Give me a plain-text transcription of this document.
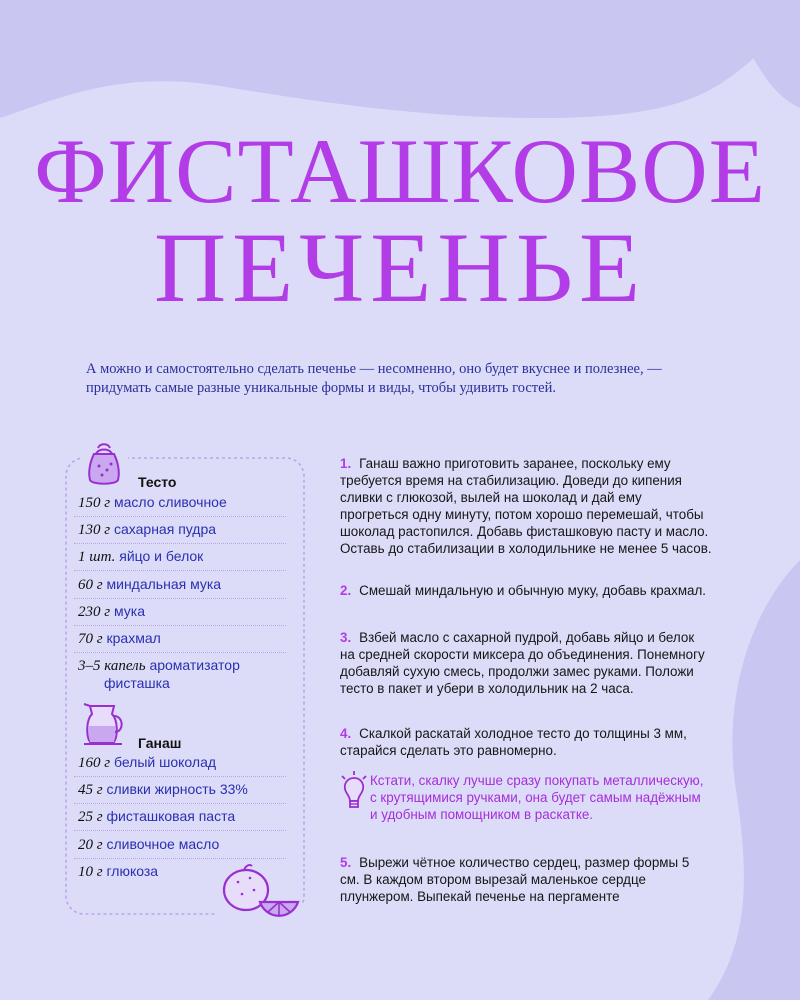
ФИСТАШКОВОЕ
ПЕЧЕНЬЕ
А можно и самостоятельно сделать печенье — несомненно, оно будет вкуснее и полезнее, — придумать самые разные уникальные формы и виды, чтобы удивить гостей.
Тесто
150 г масло сливочное
130 г сахарная пудра
1 шт. яйцо и белок
60 г миндальная мука
230 г мука
70 г крахмал
3–5 капель ароматизатор
фисташка
Ганаш
160 г белый шоколад
45 г сливки жирность 33%
25 г фисташковая паста
20 г сливочное масло
10 г глюкоза
1. Ганаш важно приготовить заранее, поскольку ему требуется время на стабилизацию. Доведи до кипения сливки с глюкозой, вылей на шоколад и дай ему прогреться одну минуту, потом хорошо перемешай, чтобы шоколад растопился. Добавь фисташковую пасту и масло. Оставь до стабилизации в холодильнике не менее 5 часов.
2. Смешай миндальную и обычную муку, добавь крахмал.
3. Взбей масло с сахарной пудрой, добавь яйцо и белок на средней скорости миксера до объединения. Понемногу добавляй сухую смесь, продолжи замес руками. Положи тесто в пакет и убери в холодильник на 2 часа.
4. Скалкой раскатай холодное тесто до толщины 3 мм, старайся сделать это равномерно.
Кстати, скалку лучше сразу покупать металлическую, с крутящимися ручками, она будет самым надёжным и удобным помощником в раскатке.
5. Вырежи чётное количество сердец, размер формы 5 см. В каждом втором вырезай маленькое сердце плунжером. Выпекай печенье на пергаменте
